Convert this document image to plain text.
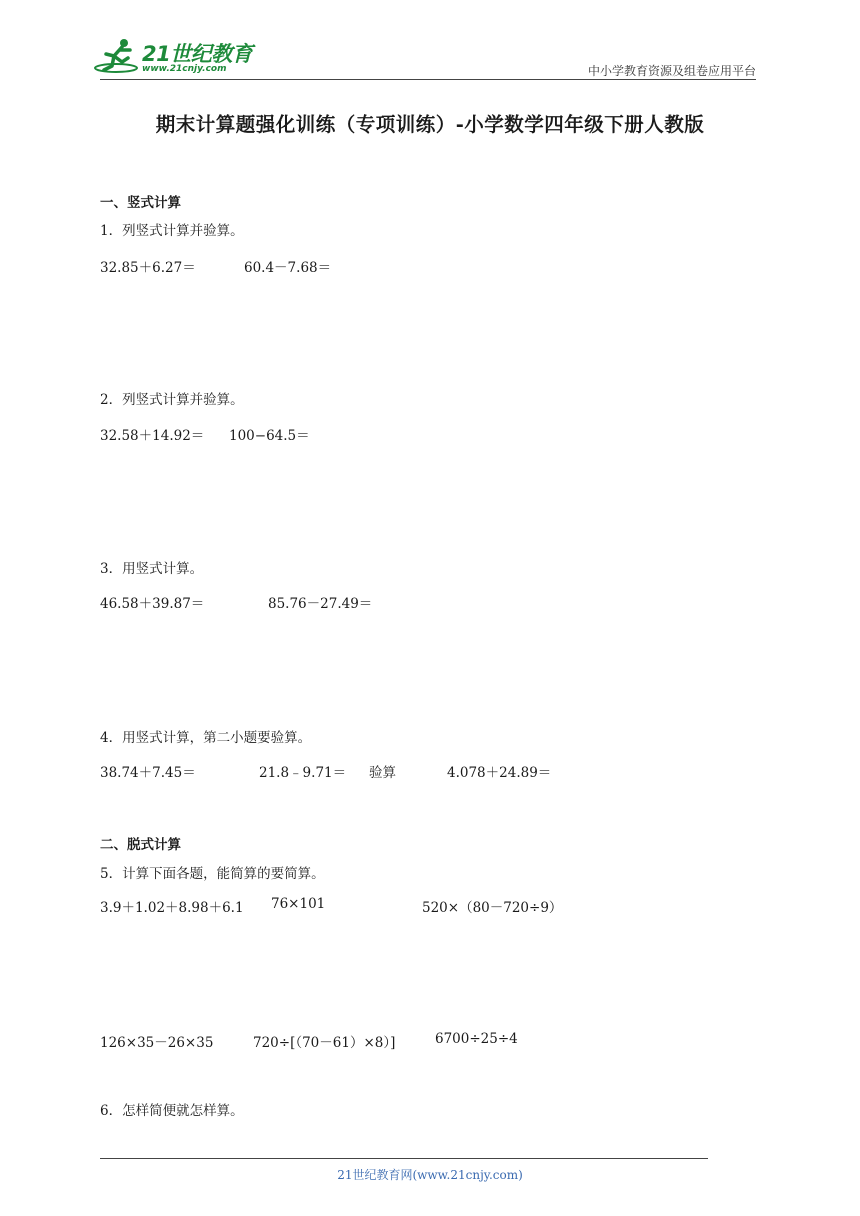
21世纪教育
www.21cnjy.com	中小学教育资源及组卷应用平台
期末计算题强化训练（专项训练）-小学数学四年级下册人教版
一、竖式计算
1．列竖式计算并验算。
32.85＋6.27＝	60.4－7.68＝
2．列竖式计算并验算。
32.58＋14.92＝ 100−64.5＝
3．用竖式计算。
46.58＋39.87＝	85.76－27.49＝
4．用竖式计算，第二小题要验算。
38.74＋7.45＝	21.8﹣9.71＝ 验算	4.078＋24.89＝
二、脱式计算
5．计算下面各题，能简算的要简算。
3.9＋1.02＋8.98＋6.1 76×101	520×（80－720÷9）
126×35－26×35	720÷[（70－61）×8）]	6700÷25÷4
6．怎样简便就怎样算。
21世纪教育网(www.21cnjy.com)
